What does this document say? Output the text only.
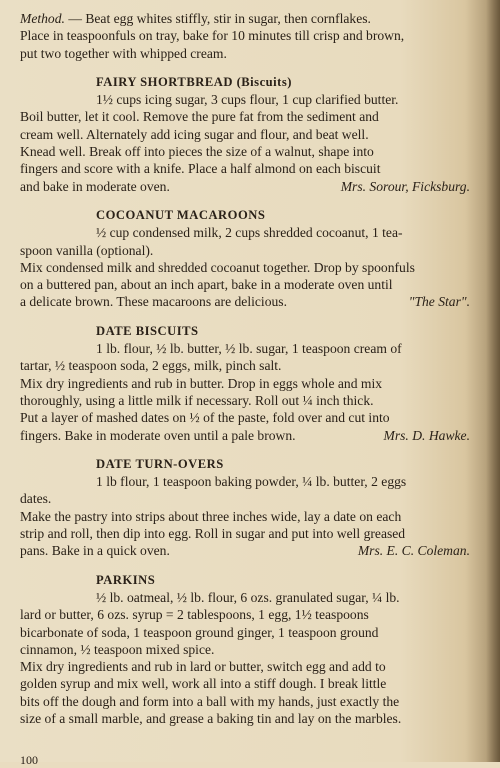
Method. — Beat egg whites stiffly, stir in sugar, then cornflakes.
Place in teaspoonfuls on tray, bake for 10 minutes till crisp and brown,
put two together with whipped cream.
FAIRY SHORTBREAD (Biscuits)
1½ cups icing sugar, 3 cups flour, 1 cup clarified butter.
Boil butter, let it cool. Remove the pure fat from the sediment and
cream well. Alternately add icing sugar and flour, and beat well.
Knead well. Break off into pieces the size of a walnut, shape into
fingers and score with a knife. Place a half almond on each biscuit
and bake in moderate oven.	Mrs. Sorour, Ficksburg.
COCOANUT MACAROONS
½ cup condensed milk, 2 cups shredded cocoanut, 1 tea-
spoon vanilla (optional).
Mix condensed milk and shredded cocoanut together. Drop by spoonfuls
on a buttered pan, about an inch apart, bake in a moderate oven until
a delicate brown. These macaroons are delicious.	"The Star".
DATE BISCUITS
1 lb. flour, ½ lb. butter, ½ lb. sugar, 1 teaspoon cream of
tartar, ½ teaspoon soda, 2 eggs, milk, pinch salt.
Mix dry ingredients and rub in butter. Drop in eggs whole and mix
thoroughly, using a little milk if necessary. Roll out ¼ inch thick.
Put a layer of mashed dates on ½ of the paste, fold over and cut into
fingers. Bake in moderate oven until a pale brown.	Mrs. D. Hawke.
DATE TURN-OVERS
1 lb flour, 1 teaspoon baking powder, ¼ lb. butter, 2 eggs
dates.
Make the pastry into strips about three inches wide, lay a date on each
strip and roll, then dip into egg. Roll in sugar and put into well greased
pans. Bake in a quick oven.	Mrs. E. C. Coleman.
PARKINS
½ lb. oatmeal, ½ lb. flour, 6 ozs. granulated sugar, ¼ lb.
lard or butter, 6 ozs. syrup = 2 tablespoons, 1 egg, 1½ teaspoons
bicarbonate of soda, 1 teaspoon ground ginger, 1 teaspoon ground
cinnamon, ½ teaspoon mixed spice.
Mix dry ingredients and rub in lard or butter, switch egg and add to
golden syrup and mix well, work all into a stiff dough. I break little
bits off the dough and form into a ball with my hands, just exactly the
size of a small marble, and grease a baking tin and lay on the marbles.
100
